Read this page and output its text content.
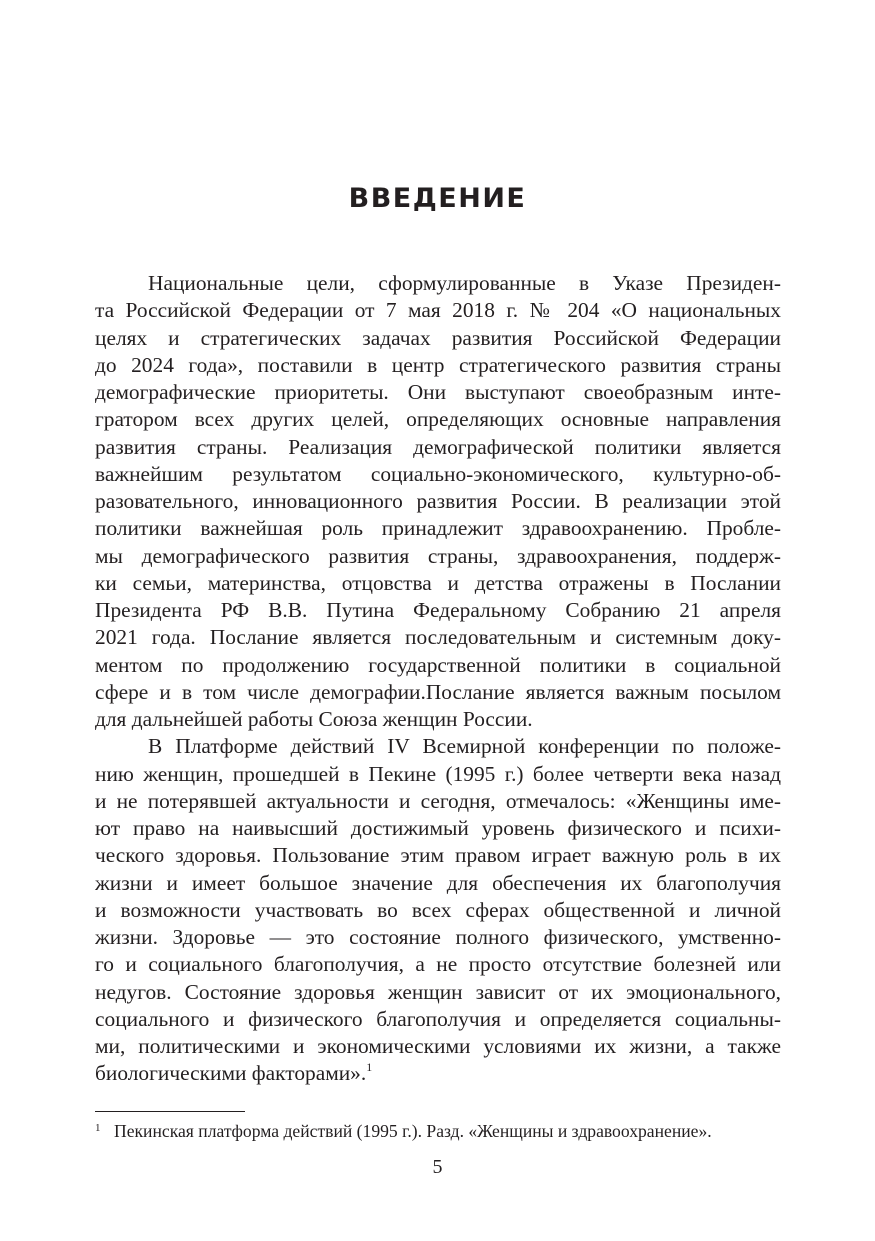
ВВЕДЕНИЕ
Национальные цели, сформулированные в Указе Президен-
та Российской Федерации от 7 мая 2018 г. № 204 «О национальных
целях и стратегических задачах развития Российской Федерации
до 2024 года», поставили в центр стратегического развития страны
демографические приоритеты. Они выступают своеобразным инте-
гратором всех других целей, определяющих основные направления
развития страны. Реализация демографической политики является
важнейшим результатом социально-экономического, культурно-об-
разовательного, инновационного развития России. В реализации этой
политики важнейшая роль принадлежит здравоохранению. Пробле-
мы демографического развития страны, здравоохранения, поддерж-
ки семьи, материнства, отцовства и детства отражены в Послании
Президента РФ В.В. Путина Федеральному Собранию 21 апреля
2021 года. Послание является последовательным и системным доку-
ментом по продолжению государственной политики в социальной
сфере и в том числе демографии.Послание является важным посылом
для дальнейшей работы Союза женщин России.
В Платформе действий IV Всемирной конференции по положе-
нию женщин, прошедшей в Пекине (1995 г.) более четверти века назад
и не потерявшей актуальности и сегодня, отмечалось: «Женщины име-
ют право на наивысший достижимый уровень физического и психи-
ческого здоровья. Пользование этим правом играет важную роль в их
жизни и имеет большое значение для обеспечения их благополучия
и возможности участвовать во всех сферах общественной и личной
жизни. Здоровье — это состояние полного физического, умственно-
го и социального благополучия, а не просто отсутствие болезней или
недугов. Состояние здоровья женщин зависит от их эмоционального,
социального и физического благополучия и определяется социальны-
ми, политическими и экономическими условиями их жизни, а также
биологическими факторами».$^1$
1 Пекинская платформа действий (1995 г.). Разд. «Женщины и здравоохранение».
5
